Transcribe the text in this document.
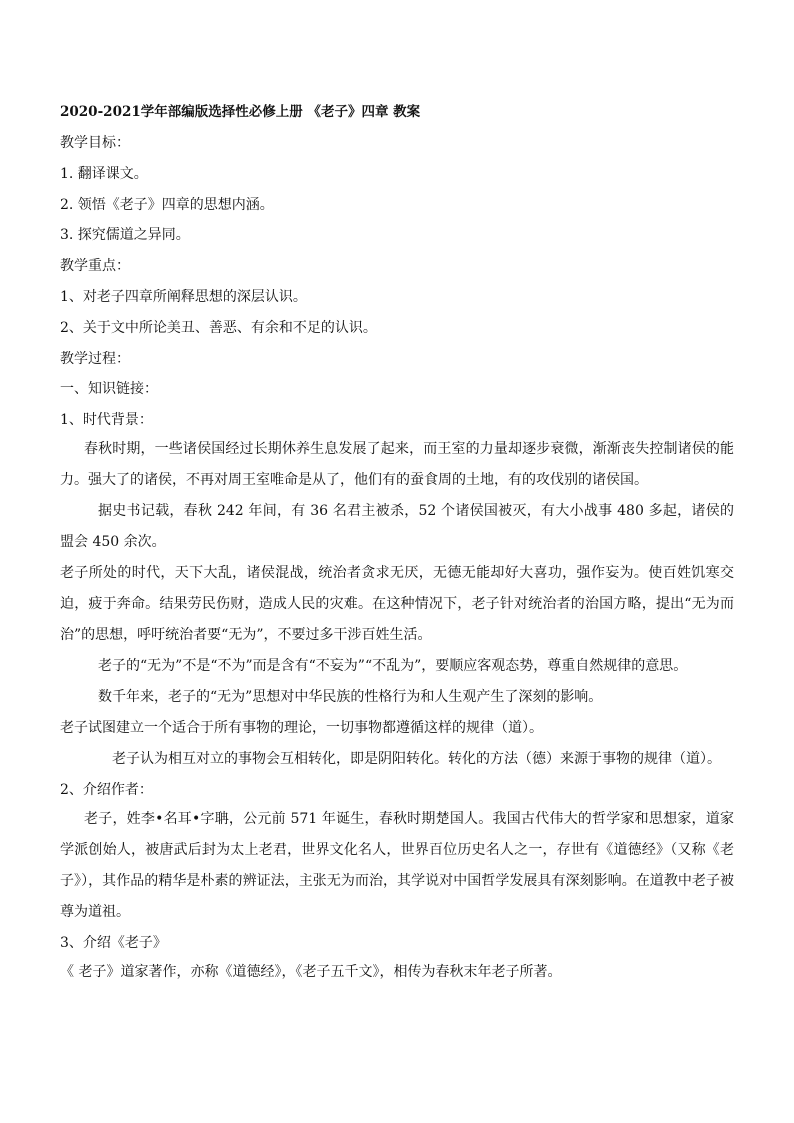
2020-2021学年部编版选择性必修上册 《老子》四章 教案
教学目标：
1. 翻译课文。
2. 领悟《老子》四章的思想内涵。
3. 探究儒道之异同。
教学重点：
1、对老子四章所阐释思想的深层认识。
2、关于文中所论美丑、善恶、有余和不足的认识。
教学过程：
一、知识链接：
1、时代背景：
春秋时期，一些诸侯国经过长期休养生息发展了起来，而王室的力量却逐步衰微，渐渐丧失控制诸侯的能力。强大了的诸侯，不再对周王室唯命是从了，他们有的蚕食周的土地，有的攻伐别的诸侯国。
据史书记载，春秋 242 年间，有 36 名君主被杀，52 个诸侯国被灭，有大小战事 480 多起，诸侯的盟会 450 余次。
老子所处的时代，天下大乱，诸侯混战，统治者贪求无厌，无德无能却好大喜功，强作妄为。使百姓饥寒交迫，疲于奔命。结果劳民伤财，造成人民的灾难。在这种情况下，老子针对统治者的治国方略，提出“无为而治”的思想，呼吁统治者要“无为”，不要过多干涉百姓生活。
老子的“无为”不是“不为”而是含有“不妄为”“不乱为”，要顺应客观态势，尊重自然规律的意思。
数千年来，老子的“无为”思想对中华民族的性格行为和人生观产生了深刻的影响。
老子试图建立一个适合于所有事物的理论，一切事物都遵循这样的规律（道）。
老子认为相互对立的事物会互相转化，即是阴阳转化。转化的方法（德）来源于事物的规律（道）。
2、介绍作者：
老子，姓李•名耳•字聃，公元前 571 年诞生，春秋时期楚国人。我国古代伟大的哲学家和思想家，道家学派创始人，被唐武后封为太上老君，世界文化名人，世界百位历史名人之一，存世有《道德经》（又称《老子》），其作品的精华是朴素的辨证法，主张无为而治，其学说对中国哲学发展具有深刻影响。在道教中老子被尊为道祖。
3、介绍《老子》
《 老子》道家著作，亦称《道德经》，《老子五千文》，相传为春秋末年老子所著。
